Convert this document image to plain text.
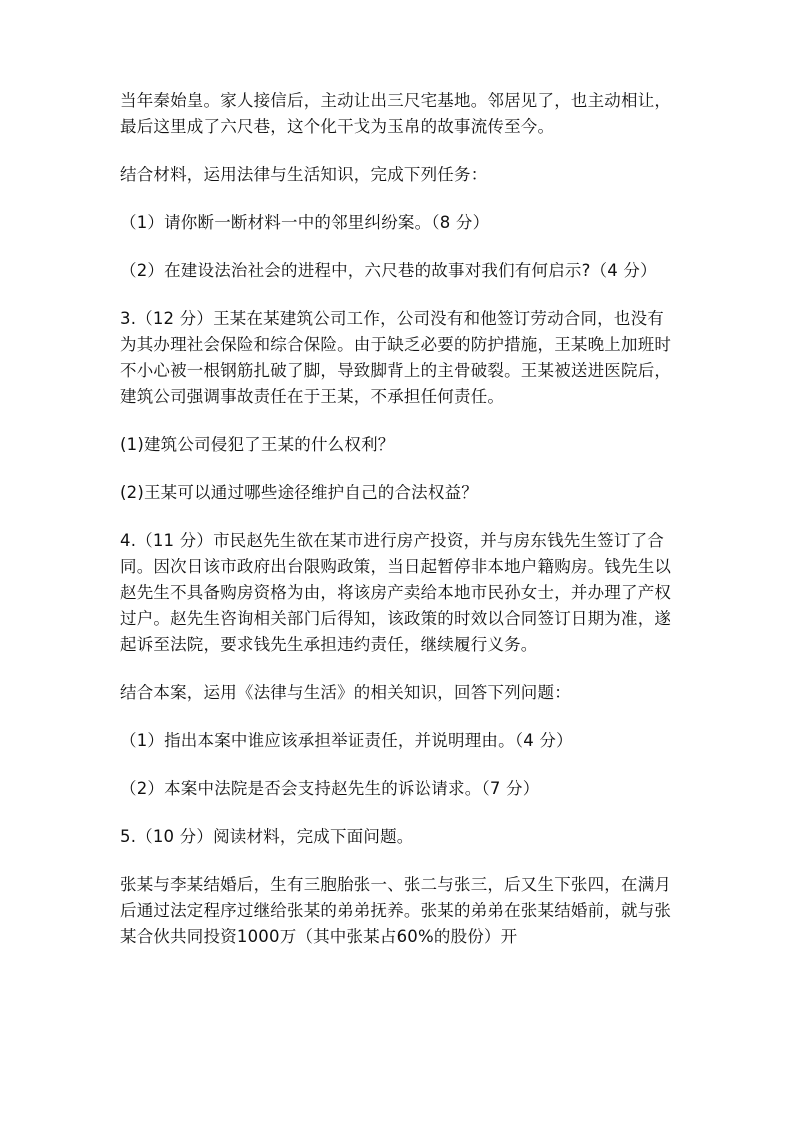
当年秦始皇。家人接信后，主动让出三尺宅基地。邻居见了，也主动相让，最后这里成了六尺巷，这个化干戈为玉帛的故事流传至今。

结合材料，运用法律与生活知识，完成下列任务：

（1）请你断一断材料一中的邻里纠纷案。（8 分）

（2）在建设法治社会的进程中，六尺巷的故事对我们有何启示?（4 分）

3.（12 分）王某在某建筑公司工作，公司没有和他签订劳动合同，也没有为其办理社会保险和综合保险。由于缺乏必要的防护措施，王某晚上加班时不小心被一根钢筋扎破了脚，导致脚背上的主骨破裂。王某被送进医院后，建筑公司强调事故责任在于王某，不承担任何责任。

(1)建筑公司侵犯了王某的什么权利？

(2)王某可以通过哪些途径维护自己的合法权益？

4.（11 分）市民赵先生欲在某市进行房产投资，并与房东钱先生签订了合同。因次日该市政府出台限购政策，当日起暂停非本地户籍购房。钱先生以赵先生不具备购房资格为由，将该房产卖给本地市民孙女士，并办理了产权过户。赵先生咨询相关部门后得知，该政策的时效以合同签订日期为准，遂起诉至法院，要求钱先生承担违约责任，继续履行义务。

结合本案，运用《法律与生活》的相关知识，回答下列问题：

（1）指出本案中谁应该承担举证责任，并说明理由。（4 分）

（2）本案中法院是否会支持赵先生的诉讼请求。（7 分）

5.（10 分）阅读材料，完成下面问题。

张某与李某结婚后，生有三胞胎张一、张二与张三，后又生下张四，在满月后通过法定程序过继给张某的弟弟抚养。张某的弟弟在张某结婚前，就与张某合伙共同投资1000万（其中张某占60%的股份）开
